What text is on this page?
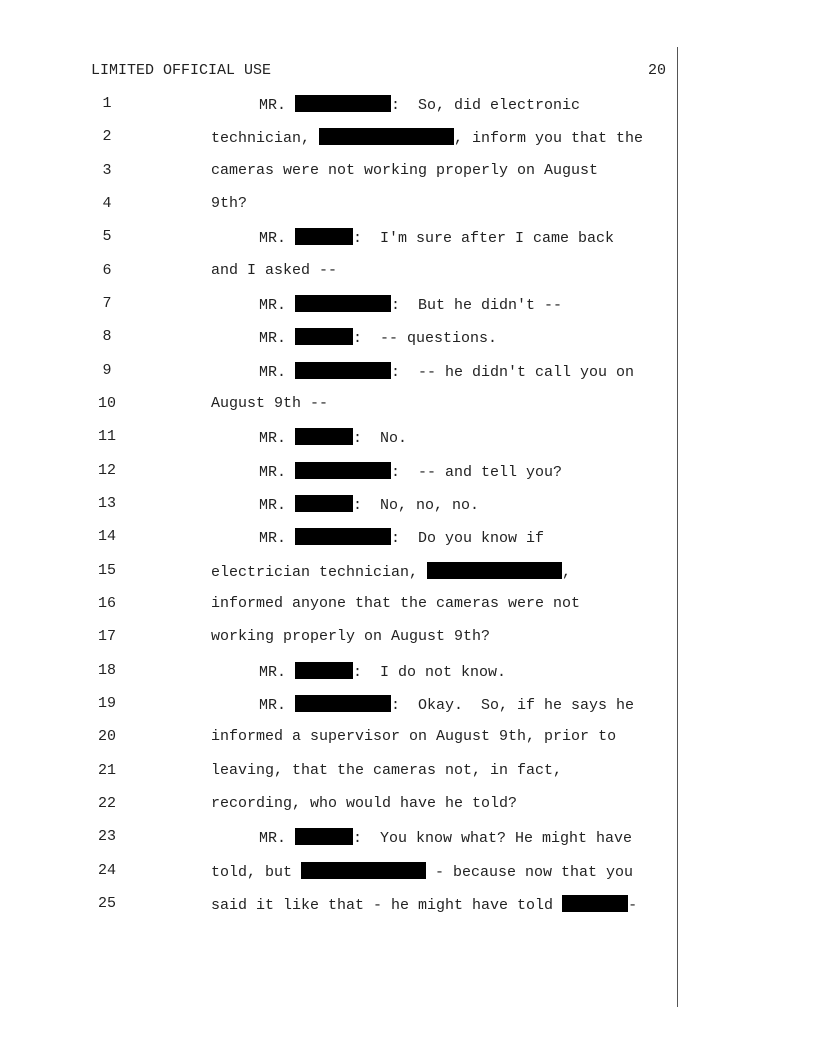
LIMITED OFFICIAL USE	20
1	MR.	:  So, did electronic
2	technician,	, inform you that the
3	cameras were not working properly on August
4	9th?
5	MR.	:  I'm sure after I came back
6	and I asked --
7	MR.	:  But he didn't --
8	MR.	:  -- questions.
9	MR.	:  -- he didn't call you on
10	August 9th --
11	MR.	:  No.
12	MR.	:  -- and tell you?
13	MR.	:  No, no, no.
14	MR.	:  Do you know if
15	electrician technician,	,
16	informed anyone that the cameras were not
17	working properly on August 9th?
18	MR.	:  I do not know.
19	MR.	:  Okay.  So, if he says he
20	informed a supervisor on August 9th, prior to
21	leaving, that the cameras not, in fact,
22	recording, who would have he told?
23	MR.	:  You know what? He might have
24	told, but	- because now that you
25	said it like that - he might have told	-
